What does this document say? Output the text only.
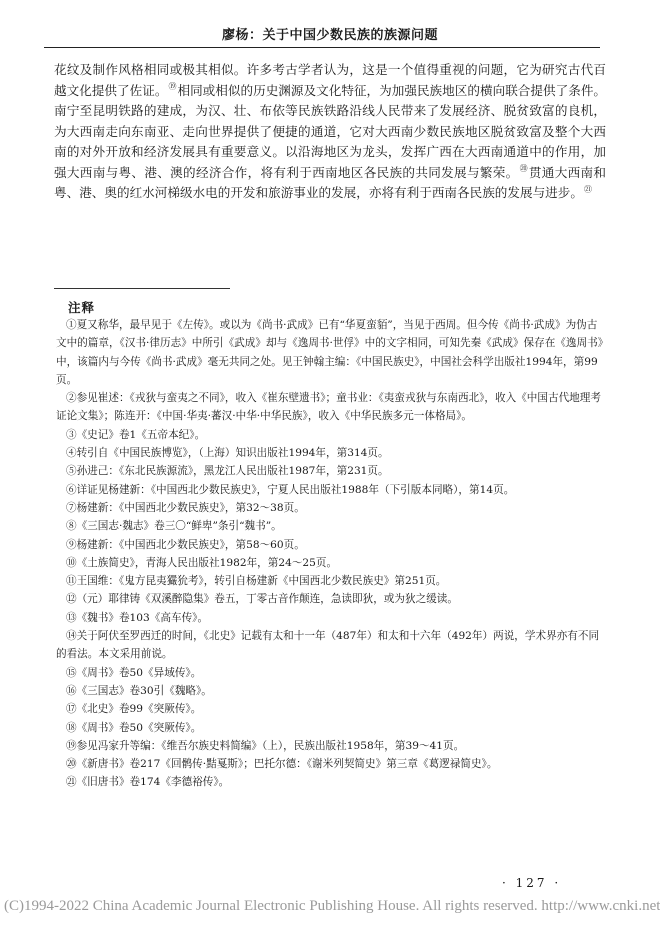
廖杨：关于中国少数民族的族源问题

花纹及制作风格相同或极其相似。许多考古学者认为，这是一个值得重视的问题，它为研究古代百越文化提供了佐证。⑲相同或相似的历史渊源及文化特征，为加强民族地区的横向联合提供了条件。南宁至昆明铁路的建成，为汉、壮、布依等民族铁路沿线人民带来了发展经济、脱贫致富的良机，为大西南走向东南亚、走向世界提供了便捷的通道，它对大西南少数民族地区脱贫致富及整个大西南的对外开放和经济发展具有重要意义。以沿海地区为龙头，发挥广西在大西南通道中的作用，加强大西南与粤、港、澳的经济合作，将有利于西南地区各民族的共同发展与繁荣。⑳贯通大西南和粤、港、奥的红水河梯级水电的开发和旅游事业的发展，亦将有利于西南各民族的发展与进步。$^㉑$

注释

①夏又称华，最早见于《左传》。或以为《尚书·武成》已有“华夏蛮貊”，当见于西周。但今传《尚书·武成》为伪古文中的篇章，《汉书·律历志》中所引《武成》却与《逸周书·世俘》中的文字相同，可知先秦《武成》保存在《逸周书》中，该篇内与今传《尚书·武成》毫无共同之处。见王钟翰主编：《中国民族史》，中国社会科学出版社1994年，第99页。

②参见崔述：《戎狄与蛮夷之不同》，收入《崔东壁遗书》；童书业：《夷蛮戎狄与东南西北》，收入《中国古代地理考证论文集》；陈连开：《中国·华夷·蕃汉·中华·中华民族》，收入《中华民族多元一体格局》。

③《史记》卷1《五帝本纪》。

④转引自《中国民族博览》，（上海）知识出版社1994年，第314页。

⑤孙进己：《东北民族源流》，黑龙江人民出版社1987年，第231页。

⑥详证见杨建新：《中国西北少数民族史》，宁夏人民出版社1988年（下引版本同略），第14页。

⑦杨建新：《中国西北少数民族史》，第32～38页。

⑧《三国志·魏志》卷三〇“鲜卑”条引“魏书”。

⑨杨建新：《中国西北少数民族史》，第58～60页。

⑩《土族简史》，青海人民出版社1982年，第24～25页。

⑪王国维：《鬼方昆夷玁狁考》，转引自杨建新《中国西北少数民族史》第251页。

⑫（元）耶律铸《双溪醉隐集》卷五，丁零古音作颠连，急读即狄，或为狄之缓读。

⑬《魏书》卷103《高车传》。

⑭关于阿伏至罗西迁的时间，《北史》记载有太和十一年（487年）和太和十六年（492年）两说，学术界亦有不同的看法。本文采用前说。

⑮《周书》卷50《异域传》。

⑯《三国志》卷30引《魏略》。

⑰《北史》卷99《突厥传》。

⑱《周书》卷50《突厥传》。

⑲参见冯家升等编：《维吾尔族史料简编》（上），民族出版社1958年，第39～41页。

⑳《新唐书》卷217《回鹘传·黠戛斯》；巴托尔德：《谢米列契简史》第三章《葛逻禄简史》。

㉑《旧唐书》卷174《李德裕传》。

· 127 ·
(C)1994-2022 China Academic Journal Electronic Publishing House. All rights reserved. http://www.cnki.net
